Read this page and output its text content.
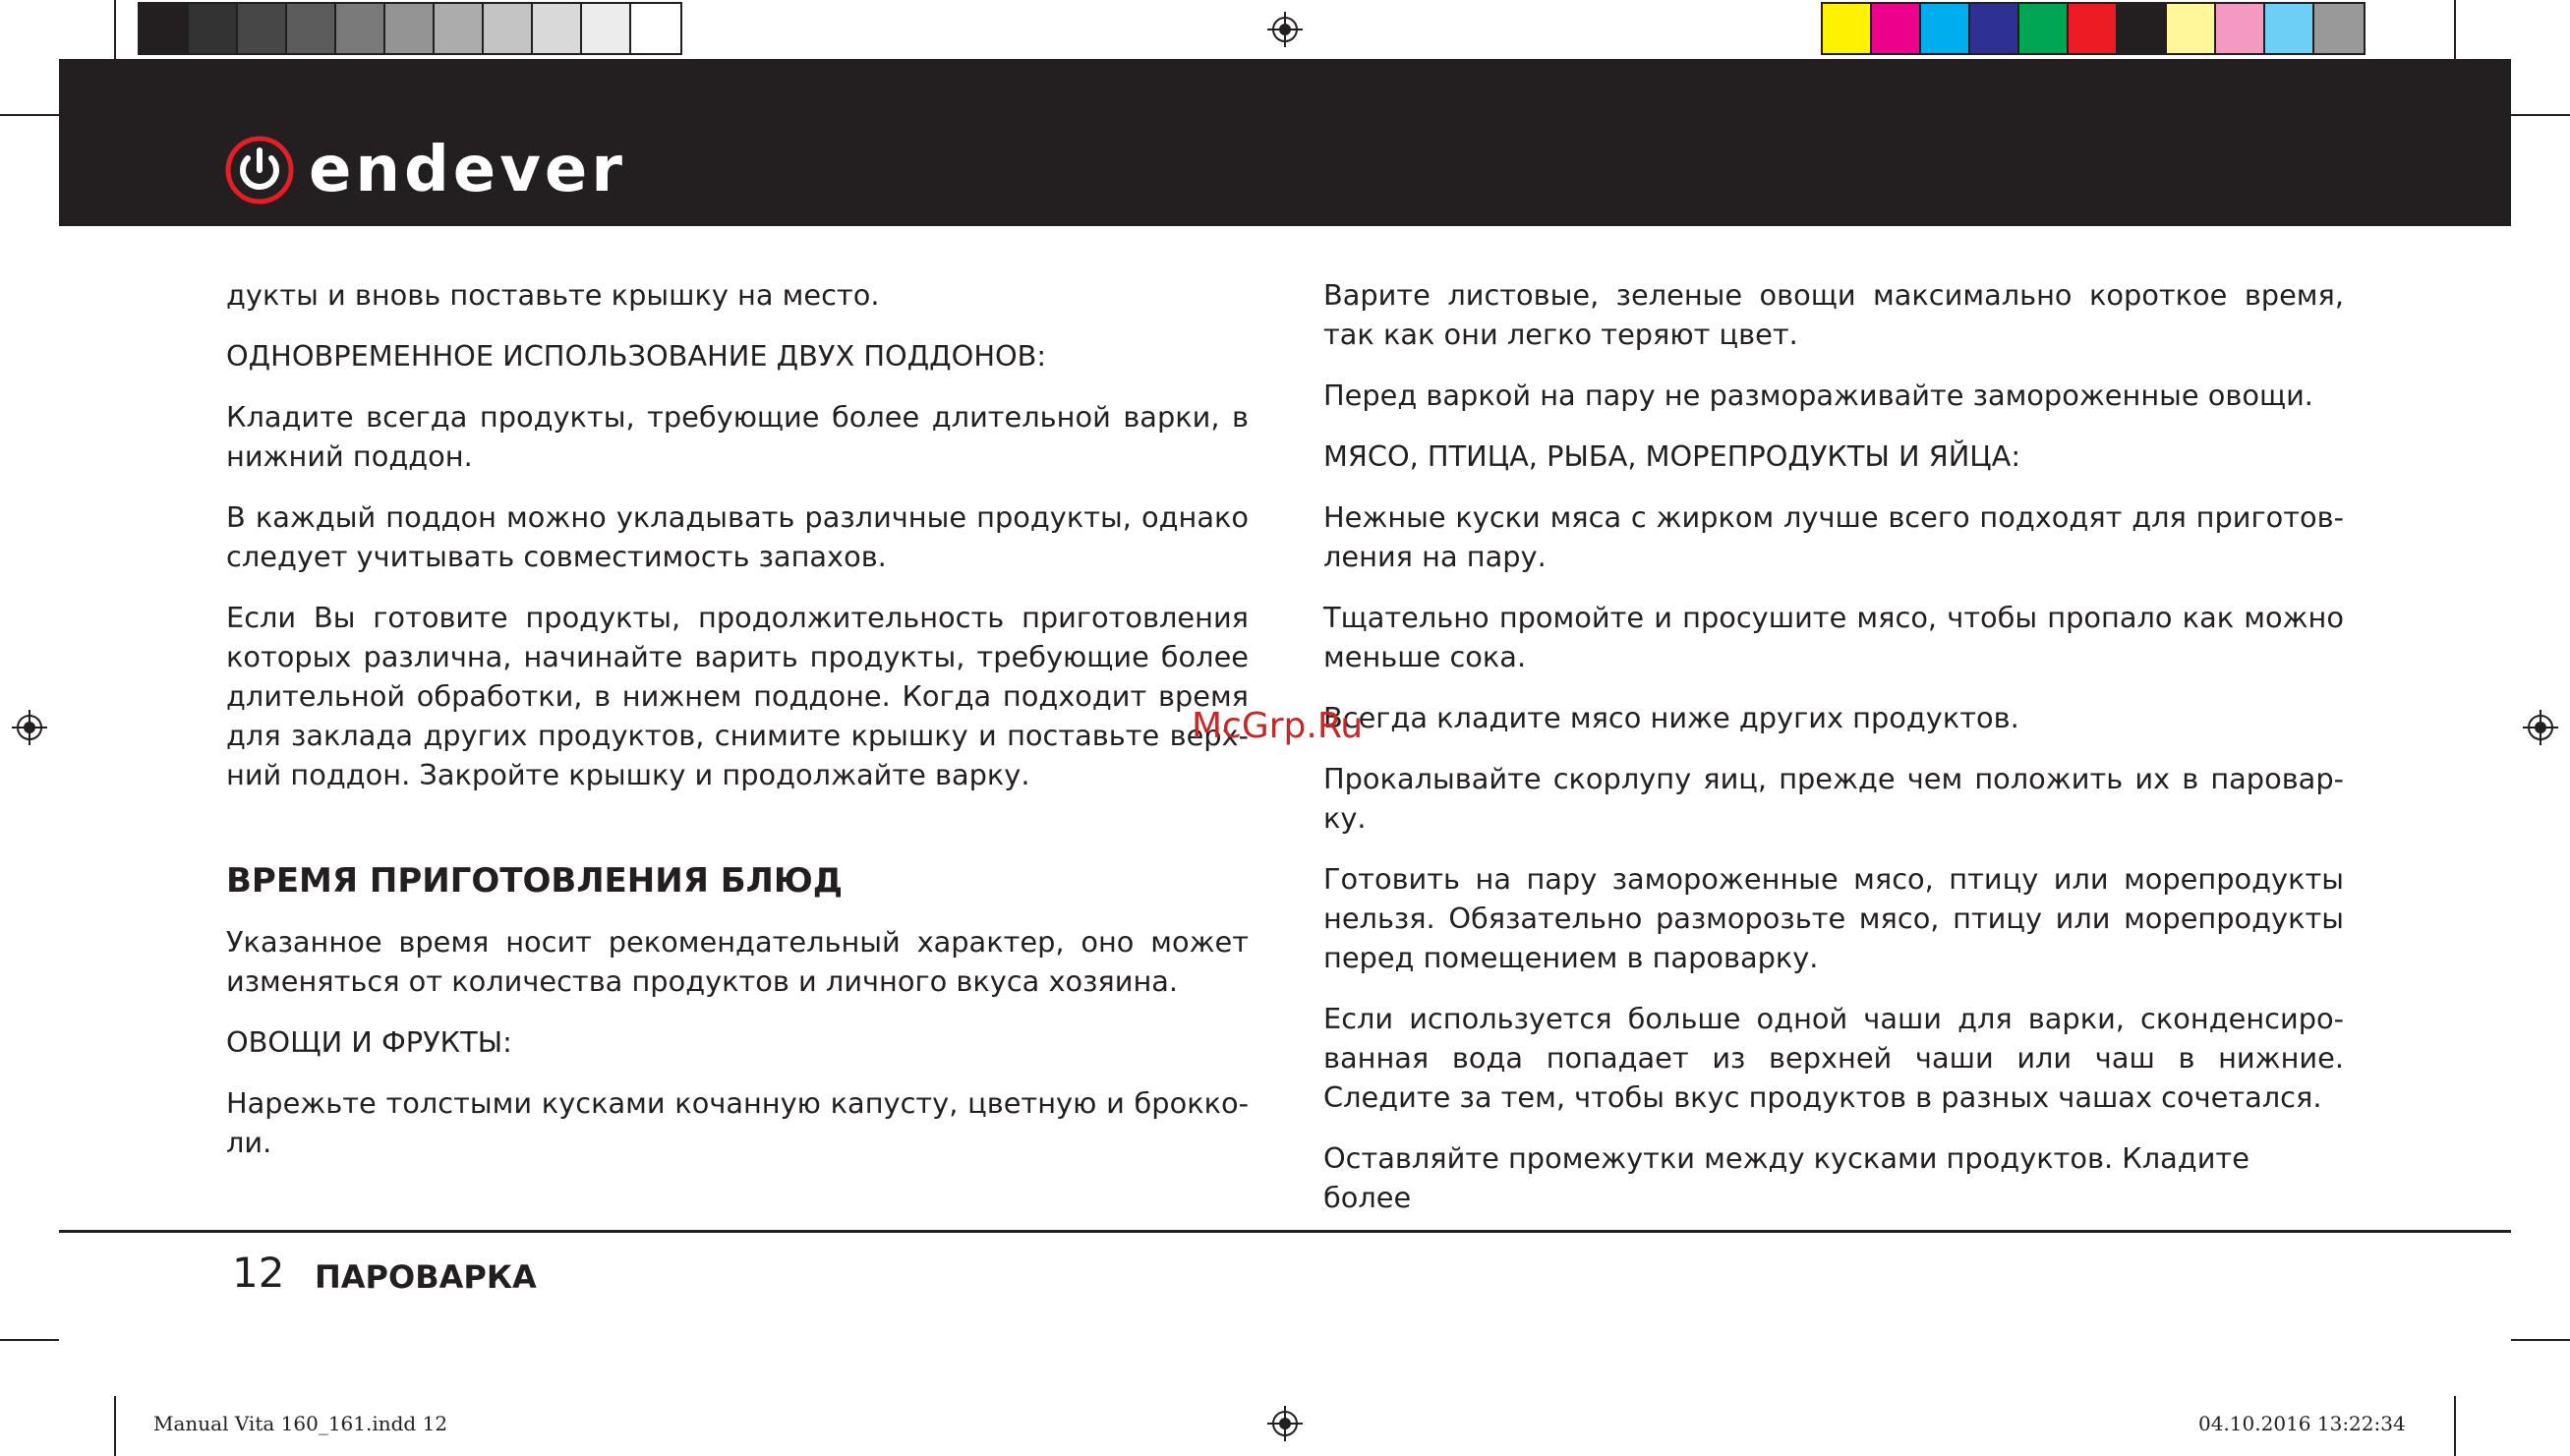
endever

дукты и вновь поставьте крышку на место.

ОДНОВРЕМЕННОЕ ИСПОЛЬЗОВАНИЕ ДВУХ ПОДДОНОВ:

Кладите всегда продукты, требующие более длительной варки, в нижний поддон.

В каждый поддон можно укладывать различные продукты, однако следует учитывать совместимость запахов.

Если Вы готовите продукты, продолжительность приготовления которых различна, начинайте варить продукты, требующие более длительной обработки, в нижнем поддоне. Когда подходит время для заклада других продуктов, снимите крышку и поставьте верх-ний поддон. Закройте крышку и продолжайте варку.

ВРЕМЯ ПРИГОТОВЛЕНИЯ БЛЮД

Указанное время носит рекомендательный характер, оно может изменяться от количества продуктов и личного вкуса хозяина.

ОВОЩИ И ФРУКТЫ:

Нарежьте толстыми кусками кочанную капусту, цветную и брокко-ли.

Варите листовые, зеленые овощи максимально короткое время, так как они легко теряют цвет.

Перед варкой на пару не размораживайте замороженные овощи.

МЯСО, ПТИЦА, РЫБА, МОРЕПРОДУКТЫ И ЯЙЦА:

Нежные куски мяса с жирком лучше всего подходят для приготов-ления на пару.

Тщательно промойте и просушите мясо, чтобы пропало как можно меньше сока.

Всегда кладите мясо ниже других продуктов.

Прокалывайте скорлупу яиц, прежде чем положить их в паровар-ку.

Готовить на пару замороженные мясо, птицу или морепродукты нельзя. Обязательно разморозьте мясо, птицу или морепродукты перед помещением в пароварку.

Если используется больше одной чаши для варки, сконденсиро-ванная вода попадает из верхней чаши или чаш в нижние. Следите за тем, чтобы вкус продуктов в разных чашах сочетался.

Оставляйте промежутки между кусками продуктов. Кладите более

McGrp.Ru
12 ПАРОВАРКА
Manual Vita 160_161.indd 12	04.10.2016 13:22:34
